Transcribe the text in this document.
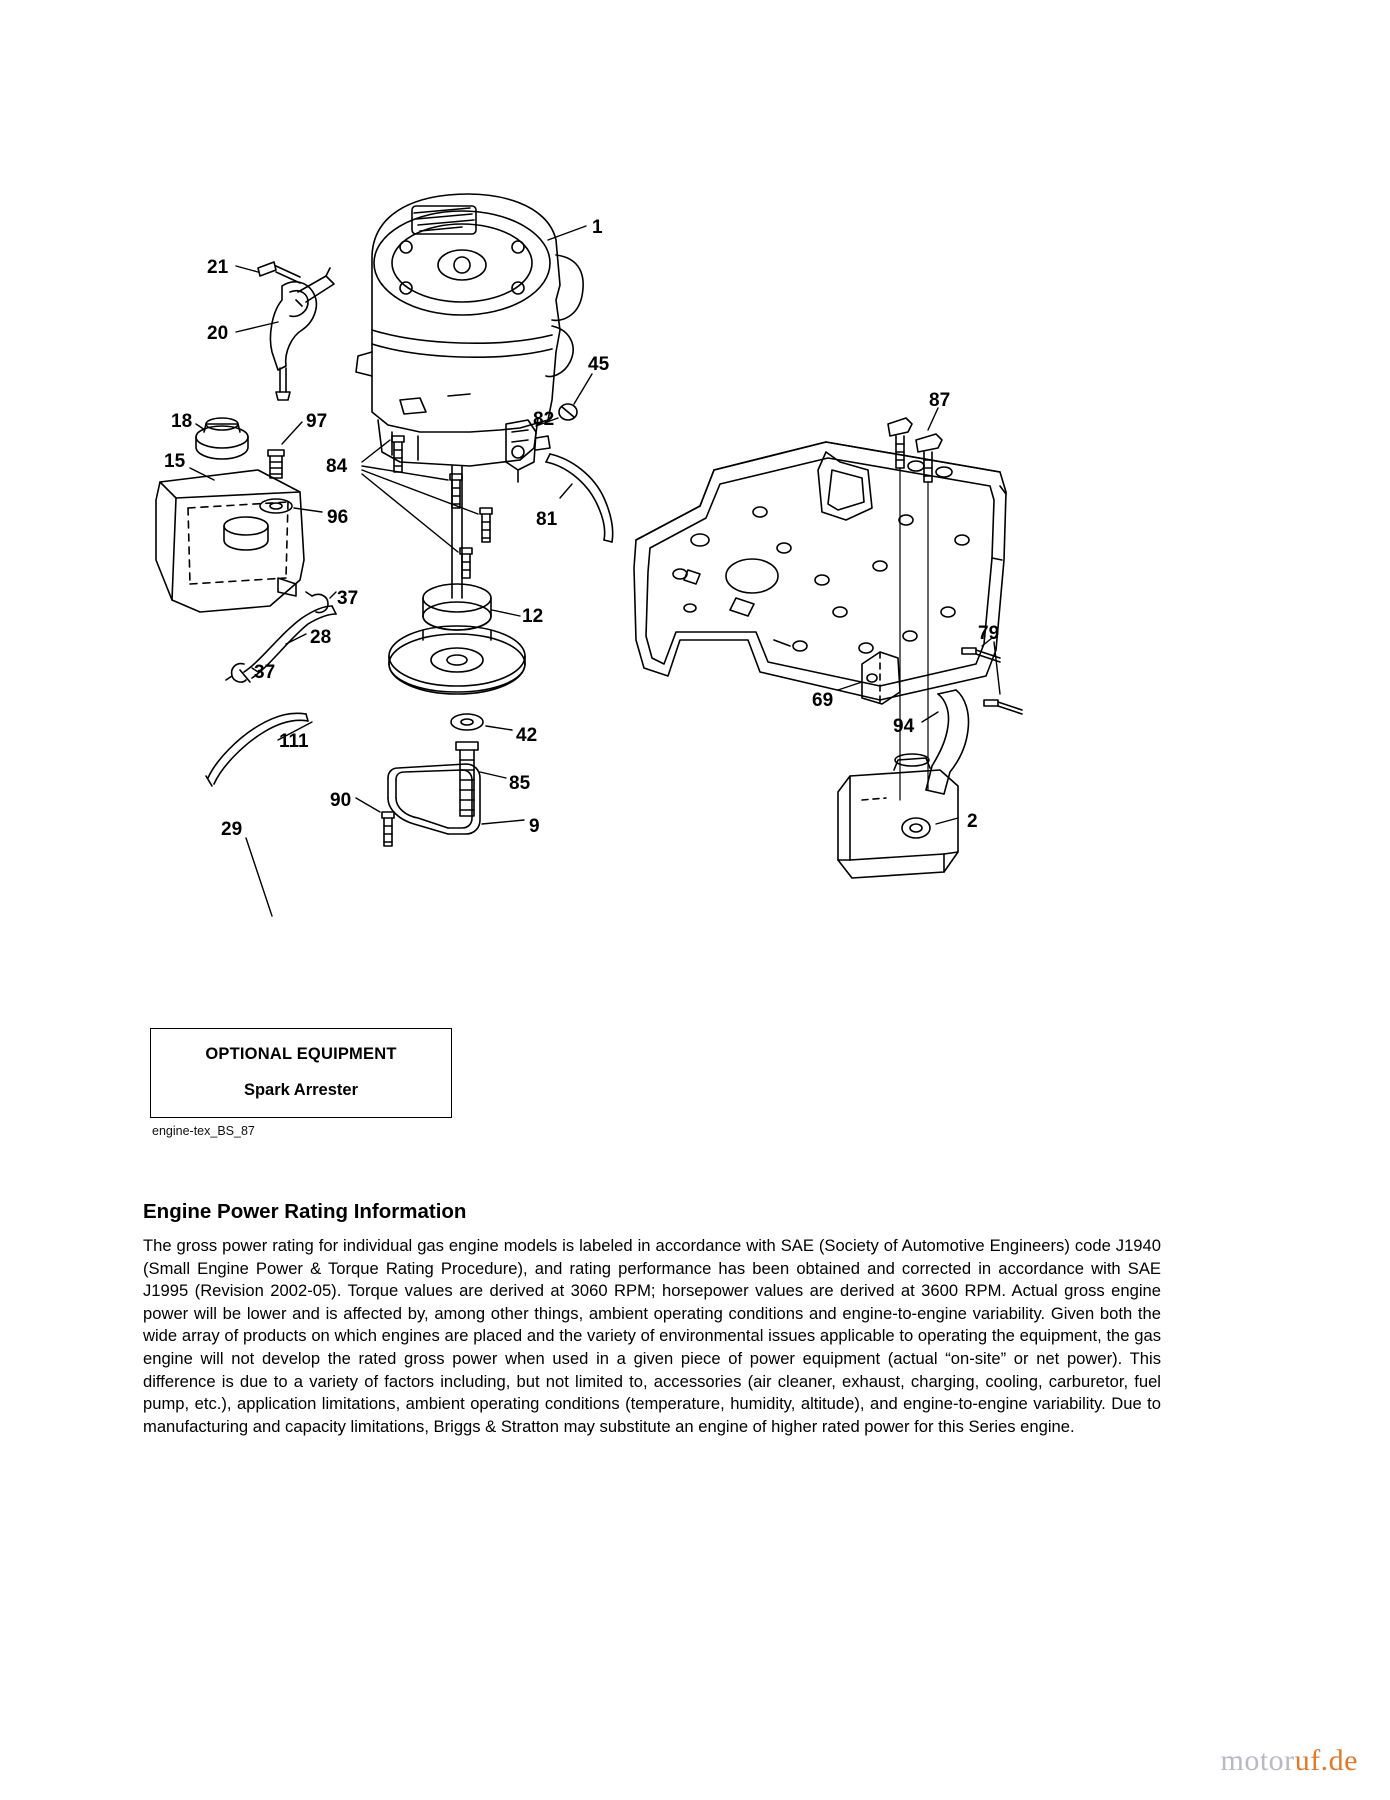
1
21
20
45
87
82
18	97
15	84
96	81
37
12
28	79
37
69
42	94
111
85
90
9
29	2
OPTIONAL EQUIPMENT
Spark Arrester
engine-tex_BS_87
Engine Power Rating Information

The gross power rating for individual gas engine models is labeled in accordance with SAE (Society of Automotive Engineers) code J1940 (Small Engine Power & Torque Rating Procedure), and rating performance has been obtained and corrected in accordance with SAE J1995 (Revision 2002-05). Torque values are derived at 3060 RPM; horsepower values are derived at 3600 RPM. Actual gross engine power will be lower and is affected by, among other things, ambient operating conditions and engine-to-engine variability. Given both the wide array of products on which engines are placed and the variety of environmental issues applicable to operating the equipment, the gas engine will not develop the rated gross power when used in a given piece of power equipment (actual “on-site” or net power). This difference is due to a variety of factors including, but not limited to, accessories (air cleaner, exhaust, charging, cooling, carburetor, fuel pump, etc.), application limitations, ambient operating conditions (temperature, humidity, altitude), and engine-to-engine variability. Due to manufacturing and capacity limitations, Briggs & Stratton may substitute an engine of higher rated power for this Series engine.

motoruf.de
